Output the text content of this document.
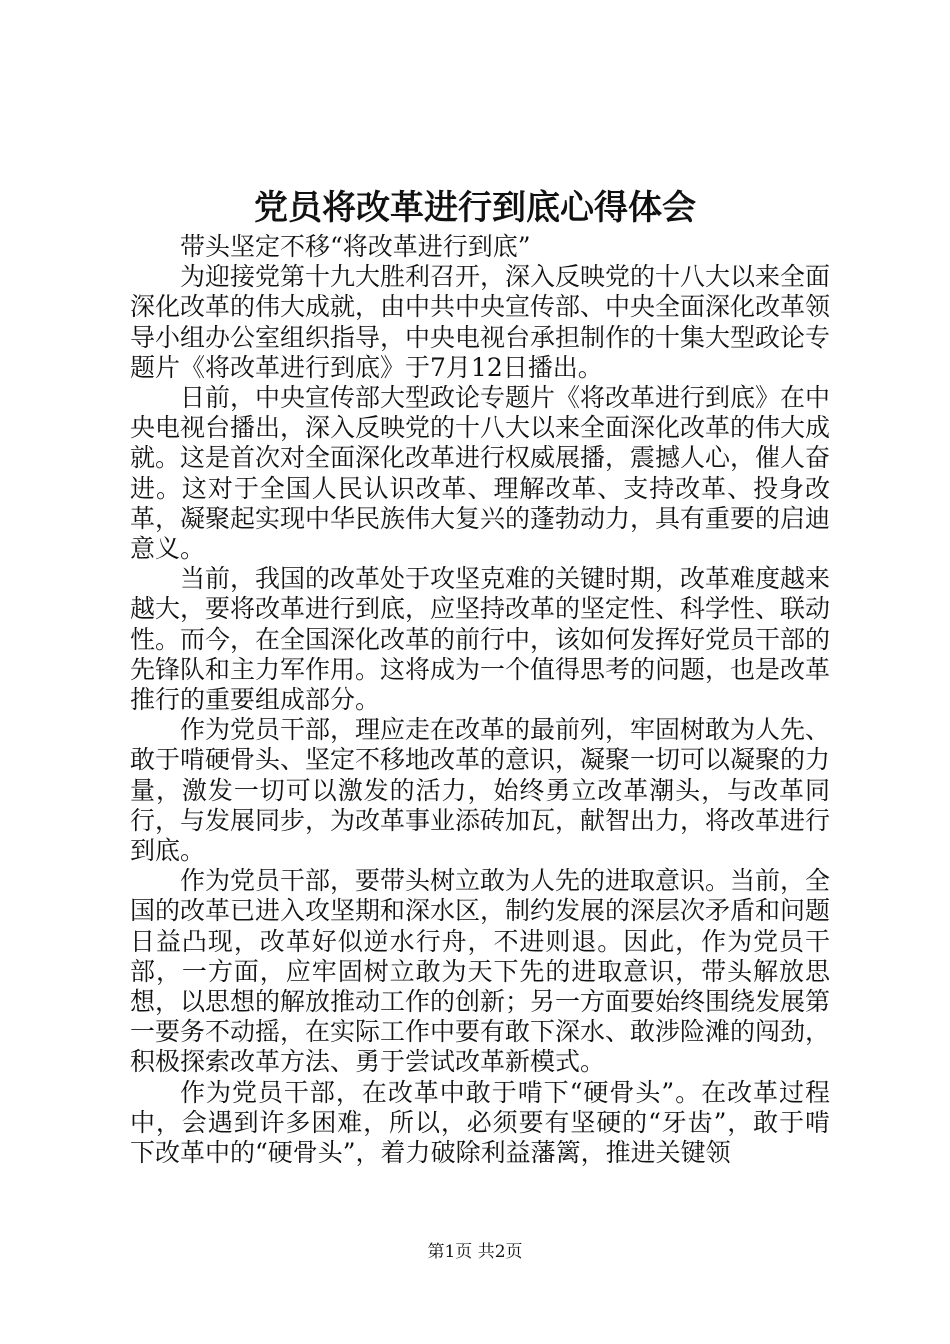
党员将改革进行到底心得体会

带头坚定不移“将改革进行到底”

为迎接党第十九大胜利召开，深入反映党的十八大以来全面深化改革的伟大成就，由中共中央宣传部、中央全面深化改革领导小组办公室组织指导，中央电视台承担制作的十集大型政论专题片《将改革进行到底》于7月12日播出。

日前，中央宣传部大型政论专题片《将改革进行到底》在中央电视台播出，深入反映党的十八大以来全面深化改革的伟大成就。这是首次对全面深化改革进行权威展播，震撼人心，催人奋进。这对于全国人民认识改革、理解改革、支持改革、投身改革，凝聚起实现中华民族伟大复兴的蓬勃动力，具有重要的启迪意义。

当前，我国的改革处于攻坚克难的关键时期，改革难度越来越大，要将改革进行到底，应坚持改革的坚定性、科学性、联动性。而今，在全国深化改革的前行中，该如何发挥好党员干部的先锋队和主力军作用。这将成为一个值得思考的问题，也是改革推行的重要组成部分。

作为党员干部，理应走在改革的最前列，牢固树敢为人先、敢于啃硬骨头、坚定不移地改革的意识，凝聚一切可以凝聚的力量，激发一切可以激发的活力，始终勇立改革潮头，与改革同行，与发展同步，为改革事业添砖加瓦，献智出力，将改革进行到底。

作为党员干部，要带头树立敢为人先的进取意识。当前，全国的改革已进入攻坚期和深水区，制约发展的深层次矛盾和问题日益凸现，改革好似逆水行舟，不进则退。因此，作为党员干部，一方面，应牢固树立敢为天下先的进取意识，带头解放思想，以思想的解放推动工作的创新；另一方面要始终围绕发展第一要务不动摇，在实际工作中要有敢下深水、敢涉险滩的闯劲，积极探索改革方法、勇于尝试改革新模式。

作为党员干部，在改革中敢于啃下“硬骨头”。在改革过程中，会遇到许多困难，所以，必须要有坚硬的“牙齿”，敢于啃下改革中的“硬骨头”，着力破除利益藩篱，推进关键领

第1页 共2页
